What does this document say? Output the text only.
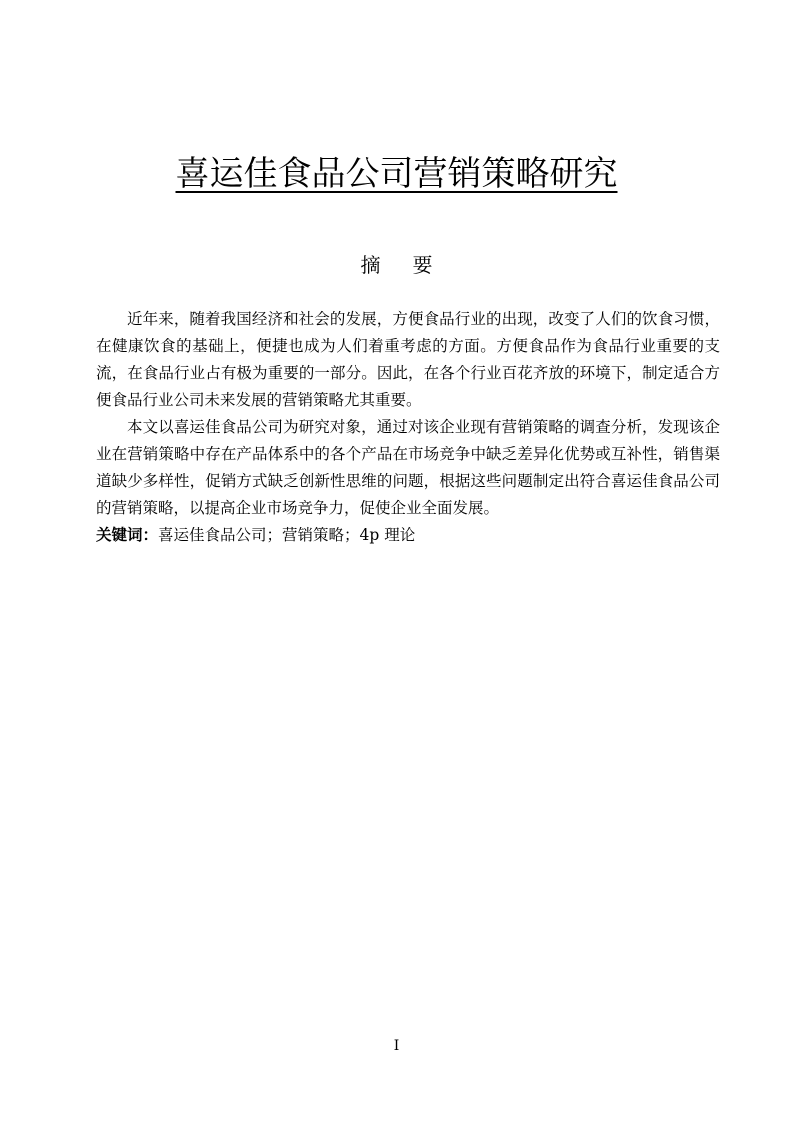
喜运佳食品公司营销策略研究
摘要

近年来，随着我国经济和社会的发展，方便食品行业的出现，改变了人们的饮食习惯，在健康饮食的基础上，便捷也成为人们着重考虑的方面。方便食品作为食品行业重要的支流，在食品行业占有极为重要的一部分。因此，在各个行业百花齐放的环境下，制定适合方便食品行业公司未来发展的营销策略尤其重要。

本文以喜运佳食品公司为研究对象，通过对该企业现有营销策略的调查分析，发现该企业在营销策略中存在产品体系中的各个产品在市场竞争中缺乏差异化优势或互补性，销售渠道缺少多样性，促销方式缺乏创新性思维的问题，根据这些问题制定出符合喜运佳食品公司的营销策略，以提高企业市场竞争力，促使企业全面发展。

关键词：喜运佳食品公司；营销策略；4p 理论

I
